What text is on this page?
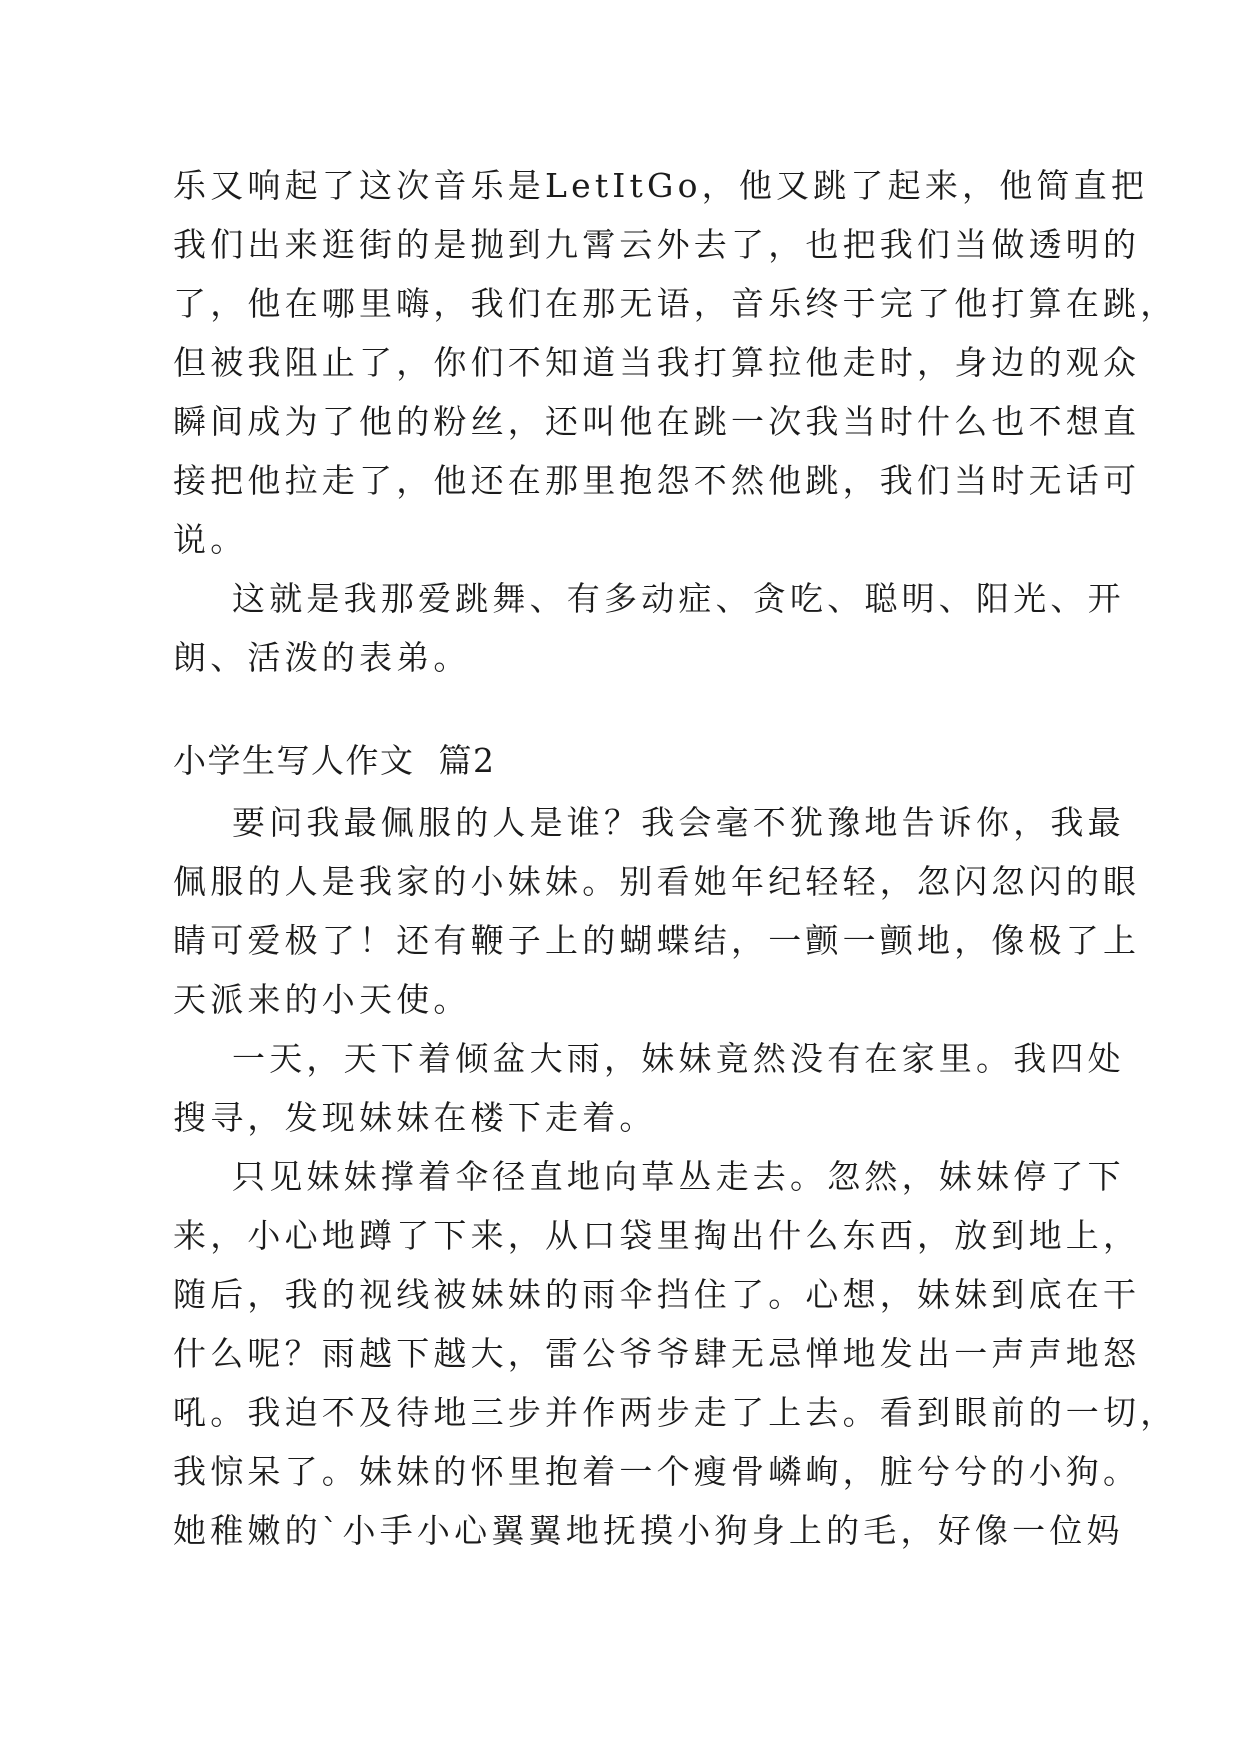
乐又响起了这次音乐是LetItGo，他又跳了起来，他简直把

我们出来逛街的是抛到九霄云外去了，也把我们当做透明的

了，他在哪里嗨，我们在那无语，音乐终于完了他打算在跳，

但被我阻止了，你们不知道当我打算拉他走时，身边的观众

瞬间成为了他的粉丝，还叫他在跳一次我当时什么也不想直

接把他拉走了，他还在那里抱怨不然他跳，我们当时无话可

说。

这就是我那爱跳舞、有多动症、贪吃、聪明、阳光、开

朗、活泼的表弟。

小学生写人作文  篇2

要问我最佩服的人是谁？我会毫不犹豫地告诉你，我最

佩服的人是我家的小妹妹。别看她年纪轻轻，忽闪忽闪的眼

睛可爱极了！还有鞭子上的蝴蝶结，一颤一颤地，像极了上

天派来的小天使。

一天，天下着倾盆大雨，妹妹竟然没有在家里。我四处

搜寻，发现妹妹在楼下走着。

只见妹妹撑着伞径直地向草丛走去。忽然，妹妹停了下

来，小心地蹲了下来，从口袋里掏出什么东西，放到地上，

随后，我的视线被妹妹的雨伞挡住了。心想，妹妹到底在干

什么呢？雨越下越大，雷公爷爷肆无忌惮地发出一声声地怒

吼。我迫不及待地三步并作两步走了上去。看到眼前的一切，

我惊呆了。妹妹的怀里抱着一个瘦骨嶙峋，脏兮兮的小狗。

她稚嫩的`小手小心翼翼地抚摸小狗身上的毛，好像一位妈
